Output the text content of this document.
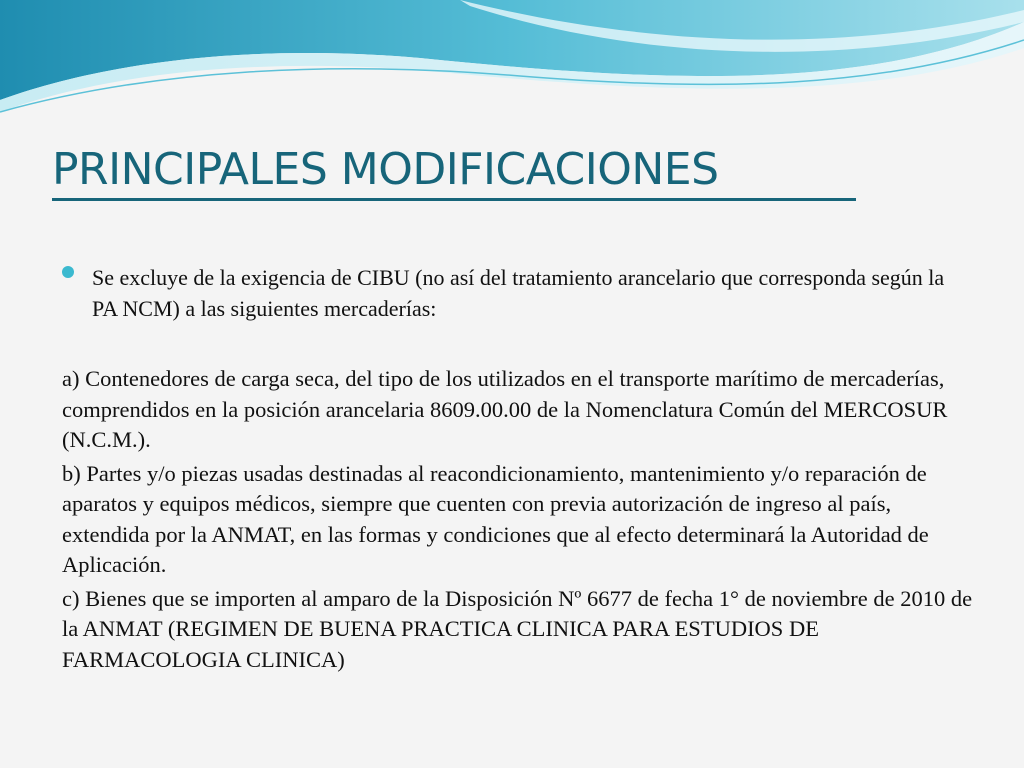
PRINCIPALES MODIFICACIONES

Se excluye de la exigencia de CIBU (no así del tratamiento arancelario que corresponda según la PA NCM) a las siguientes mercaderías:

a) Contenedores de carga seca, del tipo de los utilizados en el transporte marítimo de mercaderías, comprendidos en la posición arancelaria 8609.00.00 de la Nomenclatura Común del MERCOSUR (N.C.M.).

b) Partes y/o piezas usadas destinadas al reacondicionamiento, mantenimiento y/o reparación de aparatos y equipos médicos, siempre que cuenten con previa autorización de ingreso al país, extendida por la ANMAT, en las formas y condiciones que al efecto determinará la Autoridad de Aplicación.

c) Bienes que se importen al amparo de la Disposición Nº 6677 de fecha 1° de noviembre de 2010 de la ANMAT (REGIMEN DE BUENA PRACTICA CLINICA PARA ESTUDIOS DE FARMACOLOGIA CLINICA)
